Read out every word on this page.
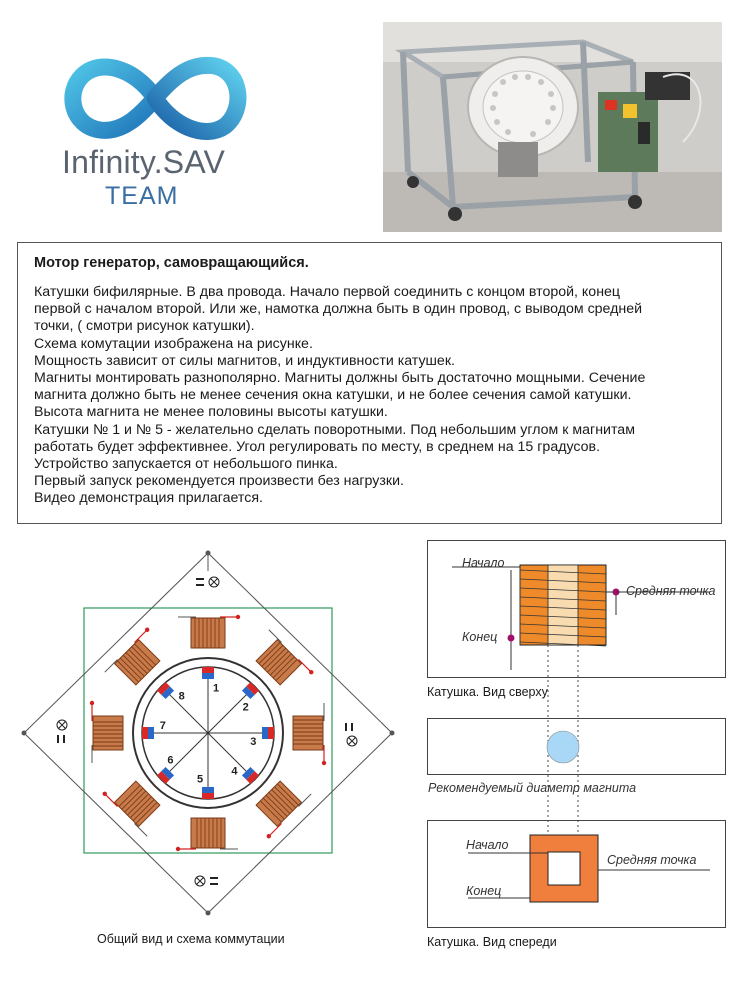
Infinity.SAV
TEAM
Мотор генератор, самовращающийся.
Катушки бифилярные. В два провода. Начало первой соединить с концом второй, конец
первой с началом второй. Или же, намотка должна быть в один провод, с выводом средней
точки, ( смотри рисунок катушки).
Схема комутации изображена на рисунке.
Мощность зависит от силы магнитов, и индуктивности катушек.
Магниты монтировать разнополярно. Магниты должны быть достаточно мощными. Сечение
магнита должно быть не менее сечения окна катушки, и не более сечения самой катушки.
Высота магнита не менее половины высоты катушки.
Катушки № 1 и № 5 - желательно сделать поворотными. Под небольшим углом к магнитам
работать будет эффективнее. Угол регулировать по месту, в среднем на 15 градусов.
Устройство запускается от небольшого пинка.
Первый запуск рекомендуется произвести без нагрузки.
Видео демонстрация прилагается.
1
2
3
4
5
6
7
8
Общий вид и схема коммутации
Начало
Конец
Средняя точка
Катушка. Вид сверху
Рекомендуемый диаметр магнита
Начало
Конец
Средняя точка
Катушка. Вид спереди
